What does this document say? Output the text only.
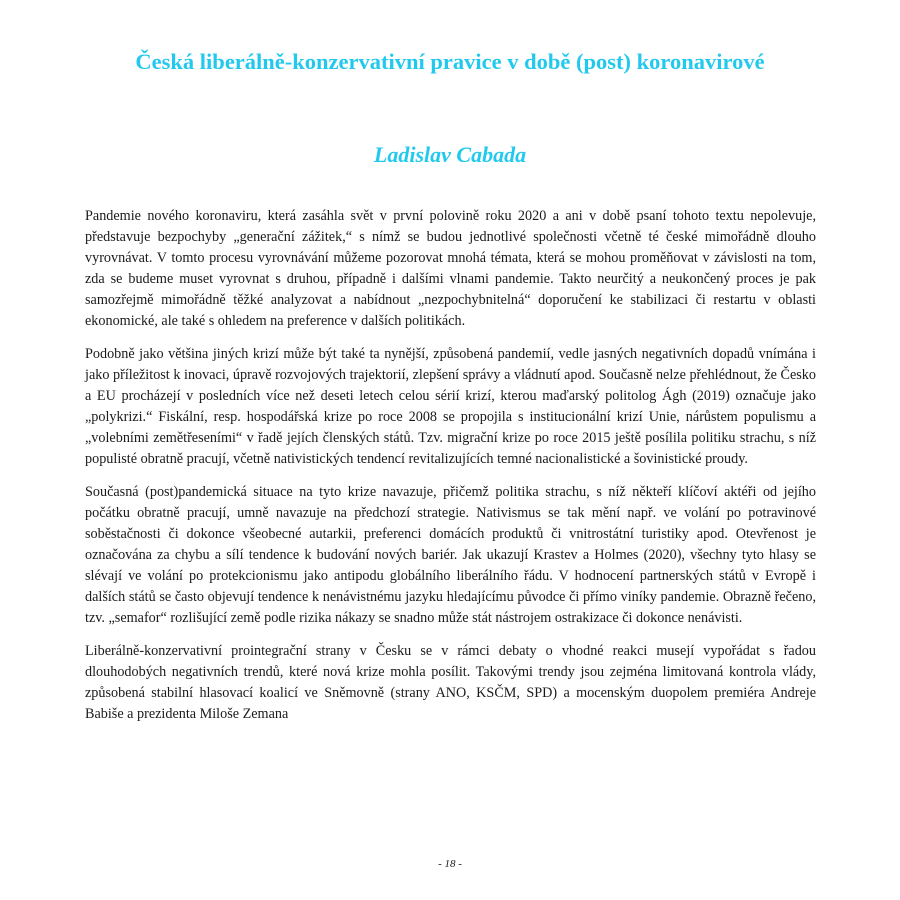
Česká liberálně-konzervativní pravice v době (post) koronavirové
Ladislav Cabada

Pandemie nového koronaviru, která zasáhla svět v první polovině roku 2020 a ani v době psaní tohoto textu nepolevuje, představuje bezpochyby „generační zážitek,“ s nímž se budou jednotlivé společnosti včetně té české mimořádně dlouho vyrovnávat. V tomto procesu vyrovnávání můžeme pozorovat mnohá témata, která se mohou proměňovat v závislosti na tom, zda se budeme muset vyrovnat s druhou, případně i dalšími vlnami pandemie. Takto neurčitý a neukončený proces je pak samozřejmě mimořádně těžké analyzovat a nabídnout „nezpochybnitelná“ doporučení ke stabilizaci či restartu v oblasti ekonomické, ale také s ohledem na preference v dalších politikách.

Podobně jako většina jiných krizí může být také ta nynější, způsobená pandemií, vedle jasných negativních dopadů vnímána i jako příležitost k inovaci, úpravě rozvojových trajektorií, zlepšení správy a vládnutí apod. Současně nelze přehlédnout, že Česko a EU procházejí v posledních více než deseti letech celou sérií krizí, kterou maďarský politolog Ágh (2019) označuje jako „polykrizi.“ Fiskální, resp. hospodářská krize po roce 2008 se propojila s institucionální krizí Unie, nárůstem populismu a „volebními zemětřeseními“ v řadě jejích členských států. Tzv. migrační krize po roce 2015 ještě posílila politiku strachu, s níž populisté obratně pracují, včetně nativistických tendencí revitalizujících temné nacionalistické a šovinistické proudy.

Současná (post)pandemická situace na tyto krize navazuje, přičemž politika strachu, s níž někteří klíčoví aktéři od jejího počátku obratně pracují, umně navazuje na předchozí strategie. Nativismus se tak mění např. ve volání po potravinové soběstačnosti či dokonce všeobecné autarkii, preferenci domácích produktů či vnitrostátní turistiky apod. Otevřenost je označována za chybu a sílí tendence k budování nových bariér. Jak ukazují Krastev a Holmes (2020), všechny tyto hlasy se slévají ve volání po protekcionismu jako antipodu globálního liberálního řádu. V hodnocení partnerských států v Evropě i dalších států se často objevují tendence k nenávistnému jazyku hledajícímu původce či přímo viníky pandemie. Obrazně řečeno, tzv. „semafor“ rozlišující země podle rizika nákazy se snadno může stát nástrojem ostrakizace či dokonce nenávisti.

Liberálně-konzervativní prointegrační strany v Česku se v rámci debaty o vhodné reakci musejí vypořádat s řadou dlouhodobých negativních trendů, které nová krize mohla posílit. Takovými trendy jsou zejména limitovaná kontrola vlády, způsobená stabilní hlasovací koalicí ve Sněmovně (strany ANO, KSČM, SPD) a mocenským duopolem premiéra Andreje Babiše a prezidenta Miloše Zemana

- 18 -
